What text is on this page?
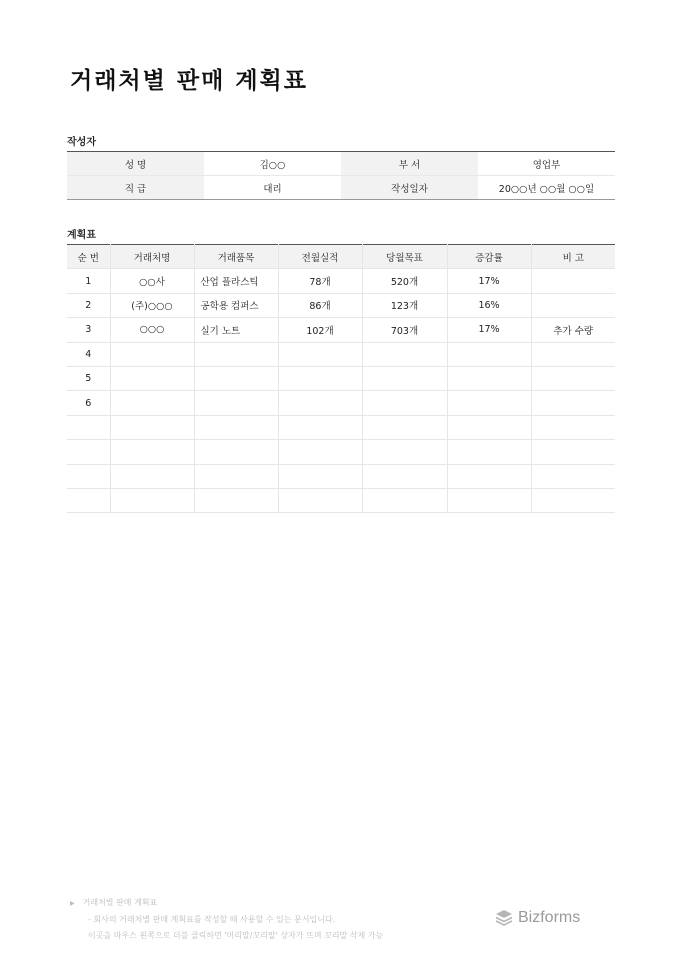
거래처별 판매 계획표
작성자
성 명	김○○	부 서	영업부
직 급	대리	작성일자	20○○년 ○○월 ○○일
계획표
순 번	거래처명	거래품목	전월실적	당월목표	증감률	비 고
1	○○사	산업 플라스틱	78개	520개	17%	
2	(주)○○○	공학용 컴퍼스	86개	123개	16%	
3	○○○	실기 노트	102개	703개	17%	추가 수량
4						
5						
6						

▶ 거래처별 판매 계획표
- 회사의 거래처별 판매 계획표를 작성할 때 사용할 수 있는 문서입니다.
이곳을 마우스 왼쪽으로 더블 클릭하면 '머리말/꼬리말' 상자가 뜨며 꼬리말 삭제 가능
Bizforms
